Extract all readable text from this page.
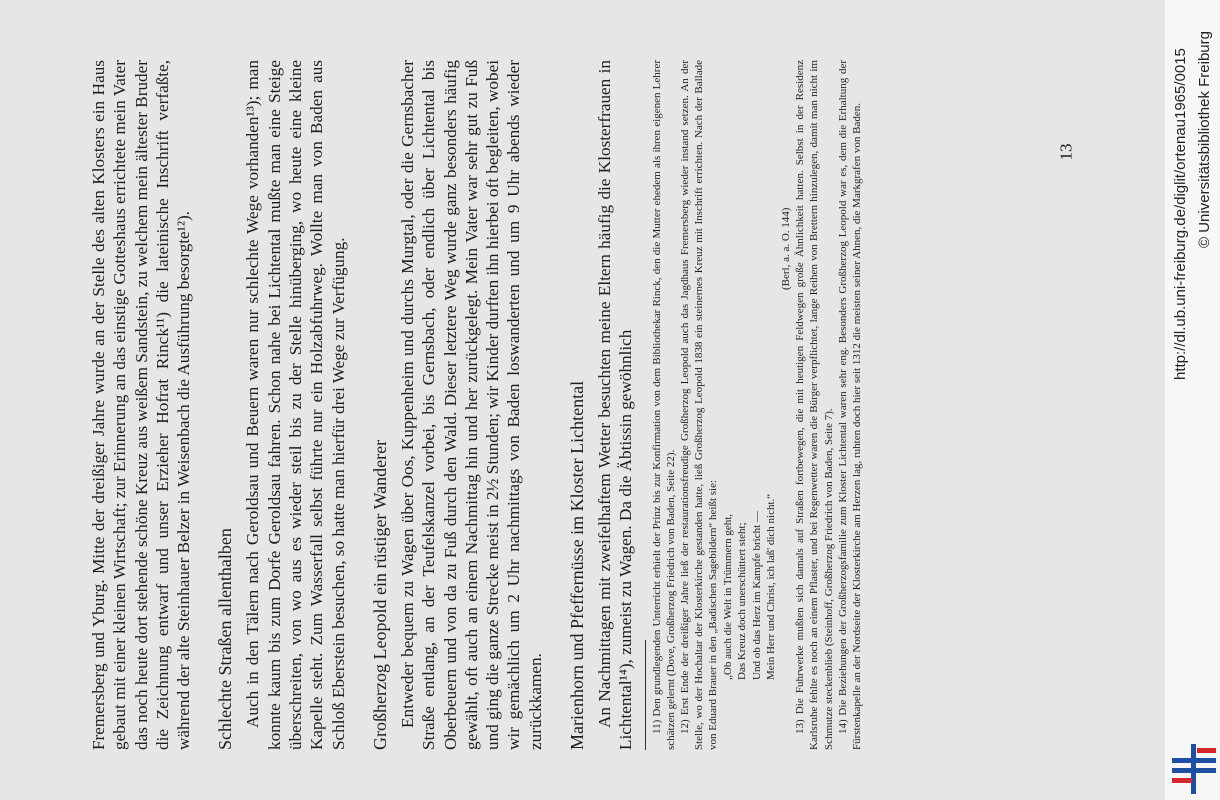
Fremersberg und Yburg. Mitte der dreißiger Jahre wurde an der Stelle des alten Klosters ein Haus gebaut mit einer kleinen Wirtschaft; zur Erinnerung an das einstige Gotteshaus errichtete mein Vater das noch heute dort stehende schöne Kreuz aus weißem Sandstein, zu welchem mein ältester Bruder die Zeichnung entwarf und unser Erzieher Hofrat Rinck¹¹) die lateinische Inschrift verfaßte, während der alte Steinhauer Belzer in Weisenbach die Ausführung besorgte¹²). Schlechte Straßen allenthalben Auch in den Tälern nach Geroldsau und Beuern waren nur schlechte Wege vorhanden¹³); man konnte kaum bis zum Dorfe Geroldsau fahren. Schon nahe bei Lichtental mußte man eine Steige überschreiten, von wo aus es wieder steil bis zu der Stelle hinüberging, wo heute eine kleine Kapelle steht. Zum Wasserfall selbst führte nur ein Holzabfuhrweg. Wollte man von Baden aus Schloß Eberstein besuchen, so hatte man hierfür drei Wege zur Verfügung. Großherzog Leopold ein rüstiger Wanderer Entweder bequem zu Wagen über Oos, Kuppenheim und durchs Murgtal, oder die Gernsbacher Straße entlang, an der Teufelskanzel vorbei, bis Gernsbach, oder endlich über Lichtental bis Oberbeuern und von da zu Fuß durch den Wald. Dieser letztere Weg wurde ganz besonders häufig gewählt, oft auch an einem Nachmittag hin und her zurückgelegt. Mein Vater war sehr gut zu Fuß und ging die ganze Strecke meist in 2½ Stunden; wir Kinder durften ihn hierbei oft begleiten, wobei wir gemächlich um 2 Uhr nachmittags von Baden loswanderten und um 9 Uhr abends wieder zurückkamen. Marienhorn und Pfeffernüsse im Kloster Lichtental An Nachmittagen mit zweifelhaftem Wetter besuchten meine Eltern häufig die Klosterfrauen in Lichtental¹⁴), zumeist zu Wagen. Da die Äbtissin gewöhnlich 11) Den grundlegenden Unterricht erhielt der Prinz bis zur Konfirmation von dem Bibliothekar Rinck, den die Mutter ehedem als ihren eigenen Lehrer schätzen gelernt (Dove, Großherzog Friedrich von Baden, Seite 22). 12) Erst Ende der dreißiger Jahre ließ der restaurationsfreudige Großherzog Leopold auch das Jagdhaus Fremersberg wieder instand setzen. An der Stelle, wo der Hochaltar der Klosterkirche gestanden hatte, ließ Großherzog Leopold 1838 ein steinernes Kreuz mit Inschrift errichten. Nach der Ballade von Eduard Brauer in den „Badischen Sagebildern“ heißt sie: „Ob auch die Welt in Trümmern geht, Das Kreuz doch unerschüttert steht; Und ob das Herz im Kampfe bricht — Mein Herr und Christ, ich laß' dich nicht.“
(Berl, a. a. O. 144) 13) Die Fuhrwerke mußten sich damals auf Straßen fortbewegen, die mit heutigen Feldwegen große Ähnlichkeit hatten. Selbst in der Residenz Karlsruhe fehlte es noch an einem Pflaster, und bei Regenwetter waren die Bürger verpflichtet, lange Reihen von Brettern hinzulegen, damit man nicht im Schmutze steckenblieb (Steinhoff, Großherzog Friedrich von Baden, Seite 7). 14) Die Beziehungen der Großherzogsfamilie zum Kloster Lichtental waren sehr eng. Besonders Großherzog Leopold war es, dem die Erhaltung der Fürstenkapelle an der Nordseite der Klosterkirche am Herzen lag, ruhten doch hier seit 1312 die meisten seiner Ahnen, die Markgrafen von Baden.	13	http://dl.ub.uni-freiburg.de/diglit/ortenau1965/0015 © Universitätsbibliothek Freiburg
